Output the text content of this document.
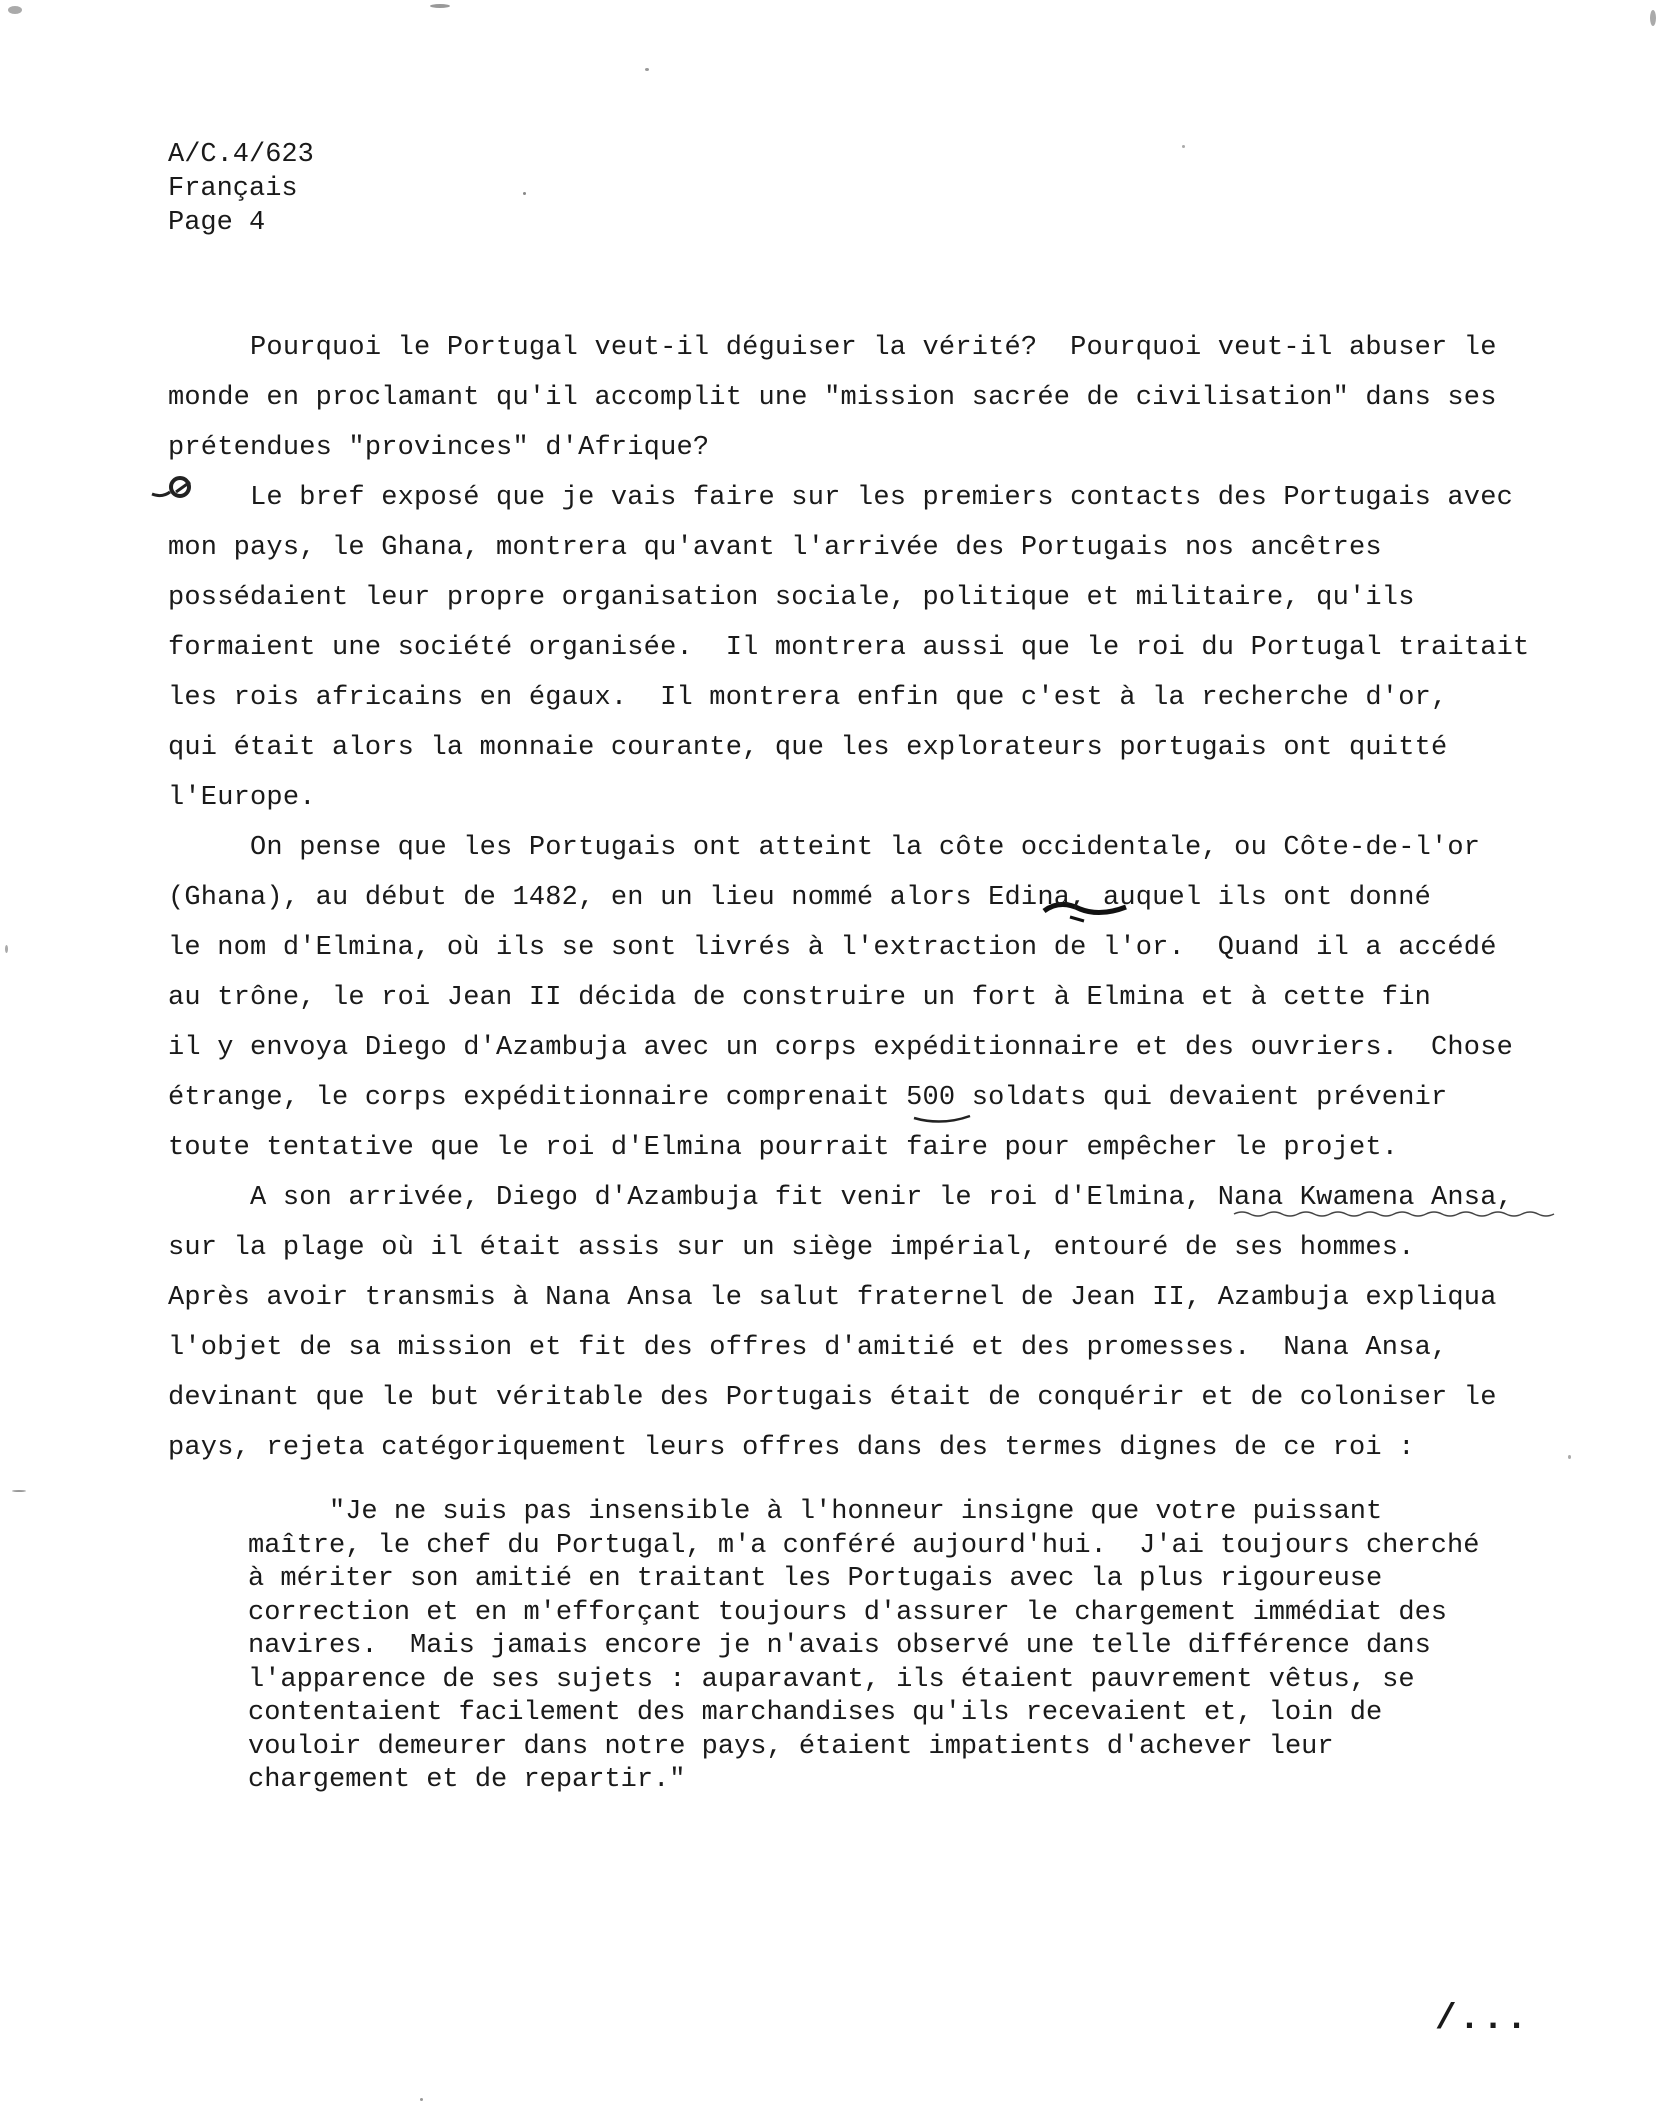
A/C.4/623
Français
Page 4

Pourquoi le Portugal veut-il déguiser la vérité?  Pourquoi veut-il abuser le
monde en proclamant qu'il accomplit une "mission sacrée de civilisation" dans ses
prétendues "provinces" d'Afrique?

Le bref exposé que je vais faire sur les premiers contacts des Portugais avec
mon pays, le Ghana, montrera qu'avant l'arrivée des Portugais nos ancêtres
possédaient leur propre organisation sociale, politique et militaire, qu'ils
formaient une société organisée.  Il montrera aussi que le roi du Portugal traitait
les rois africains en égaux.  Il montrera enfin que c'est à la recherche d'or,
qui était alors la monnaie courante, que les explorateurs portugais ont quitté
l'Europe.

On pense que les Portugais ont atteint la côte occidentale, ou Côte-de-l'or
(Ghana), au début de 1482, en un lieu nommé alors Edina, auquel ils ont donné
le nom d'Elmina, où ils se sont livrés à l'extraction de l'or.  Quand il a accédé
au trône, le roi Jean II décida de construire un fort à Elmina et à cette fin
il y envoya Diego d'Azambuja avec un corps expéditionnaire et des ouvriers.  Chose
étrange, le corps expéditionnaire comprenait 500 soldats qui devaient prévenir
toute tentative que le roi d'Elmina pourrait faire pour empêcher le projet.

A son arrivée, Diego d'Azambuja fit venir le roi d'Elmina, Nana Kwamena Ansa,
sur la plage où il était assis sur un siège impérial, entouré de ses hommes.
Après avoir transmis à Nana Ansa le salut fraternel de Jean II, Azambuja expliqua
l'objet de sa mission et fit des offres d'amitié et des promesses.  Nana Ansa,
devinant que le but véritable des Portugais était de conquérir et de coloniser le
pays, rejeta catégoriquement leurs offres dans des termes dignes de ce roi :

"Je ne suis pas insensible à l'honneur insigne que votre puissant
maître, le chef du Portugal, m'a conféré aujourd'hui.  J'ai toujours cherché
à mériter son amitié en traitant les Portugais avec la plus rigoureuse
correction et en m'efforçant toujours d'assurer le chargement immédiat des
navires.  Mais jamais encore je n'avais observé une telle différence dans
l'apparence de ses sujets : auparavant, ils étaient pauvrement vêtus, se
contentaient facilement des marchandises qu'ils recevaient et, loin de
vouloir demeurer dans notre pays, étaient impatients d'achever leur
chargement et de repartir."
/...
